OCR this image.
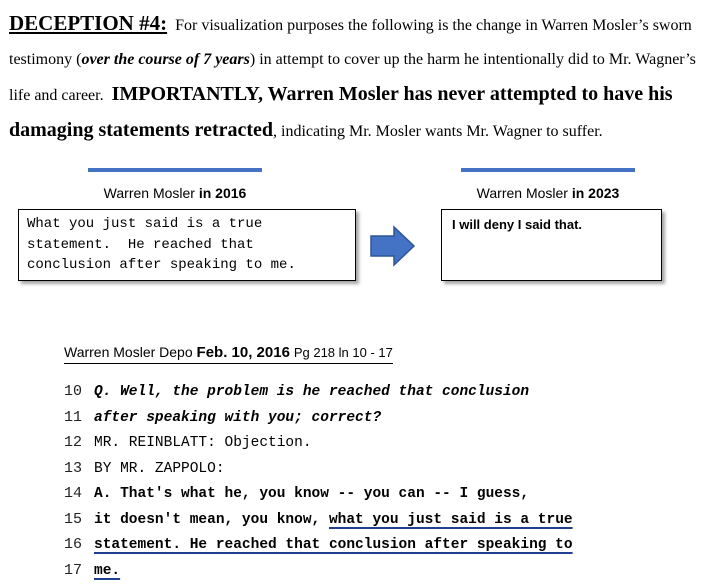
DECEPTION #4: For visualization purposes the following is the change in Warren Mosler’s sworn testimony (over the course of 7 years) in attempt to cover up the harm he intentionally did to Mr. Wagner’s life and career. IMPORTANTLY, Warren Mosler has never attempted to have his damaging statements retracted, indicating Mr. Mosler wants Mr. Wagner to suffer.
Warren Mosler in 2016	Warren Mosler in 2023
What you just said is a true
statement.  He reached that
conclusion after speaking to me.
I will deny I said that.
Warren Mosler Depo Feb. 10, 2016 Pg 218 ln 10 - 17
10 Q. Well, the problem is he reached that conclusion
11 after speaking with you; correct?
12 MR. REINBLATT: Objection.
13 BY MR. ZAPPOLO:
14 A. That's what he, you know -- you can -- I guess,
15 it doesn't mean, you know, what you just said is a true
16 statement. He reached that conclusion after speaking to
17 me.
